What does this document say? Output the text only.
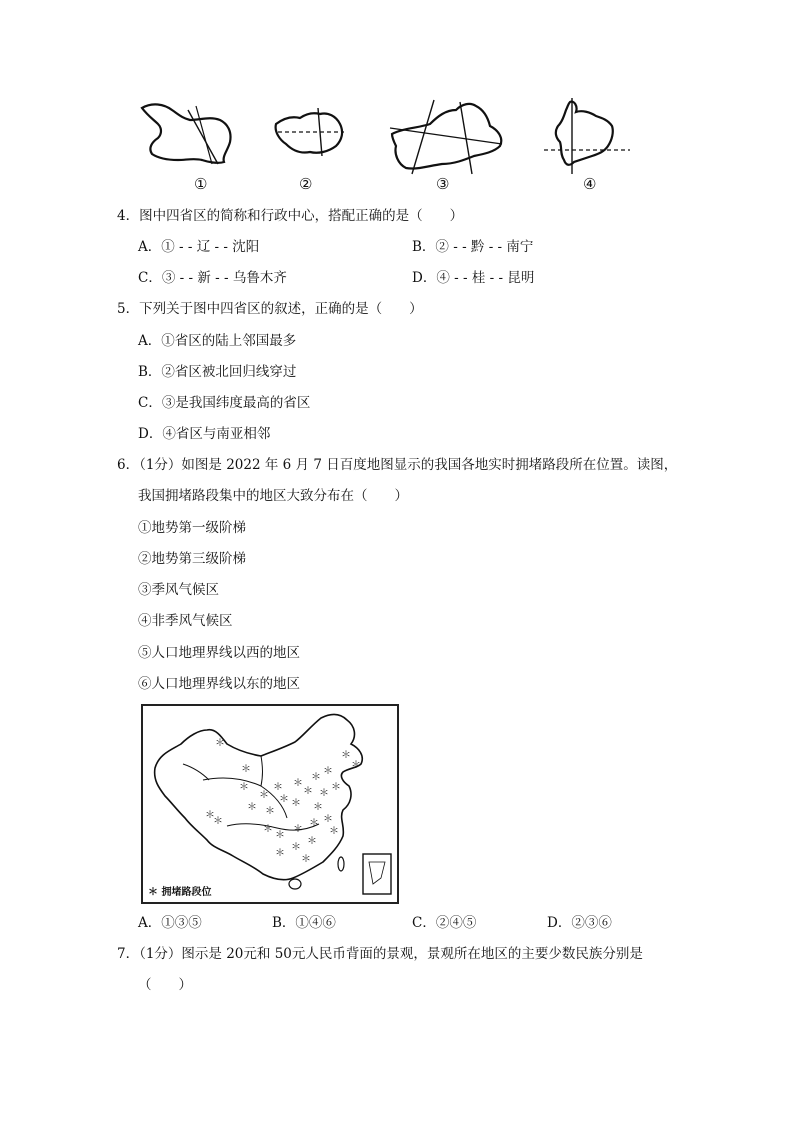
①	②	③	④
4．图中四省区的简称和行政中心，搭配正确的是（　　）
A．① - - 辽 - - 沈阳	B．② - - 黔 - - 南宁
C．③ - - 新 - - 乌鲁木齐	D．④ - - 桂 - - 昆明
5．下列关于图中四省区的叙述，正确的是（　　）
A．①省区的陆上邻国最多
B．②省区被北回归线穿过
C．③是我国纬度最高的省区
D．④省区与南亚相邻
6．（1分）如图是 2022 年 6 月 7 日百度地图显示的我国各地实时拥堵路段所在位置。读图，
我国拥堵路段集中的地区大致分布在（　　）
①地势第一级阶梯
②地势第三级阶梯
③季风气候区
④非季风气候区
⑤人口地理界线以西的地区
⑥人口地理界线以东的地区
＊
＊
＊
＊
＊
＊
＊ ＊
＊
＊
＊
＊
＊ ＊ ＊
＊
＊
＊
＊
＊
＊
＊
＊ ＊
＊
＊
＊
＊
＊
＊
＊ 拥堵路段位
A．①③⑤	B．①④⑥	C．②④⑤	D．②③⑥
7．（1分）图示是 20元和 50元人民币背面的景观，景观所在地区的主要少数民族分别是
（　　）
